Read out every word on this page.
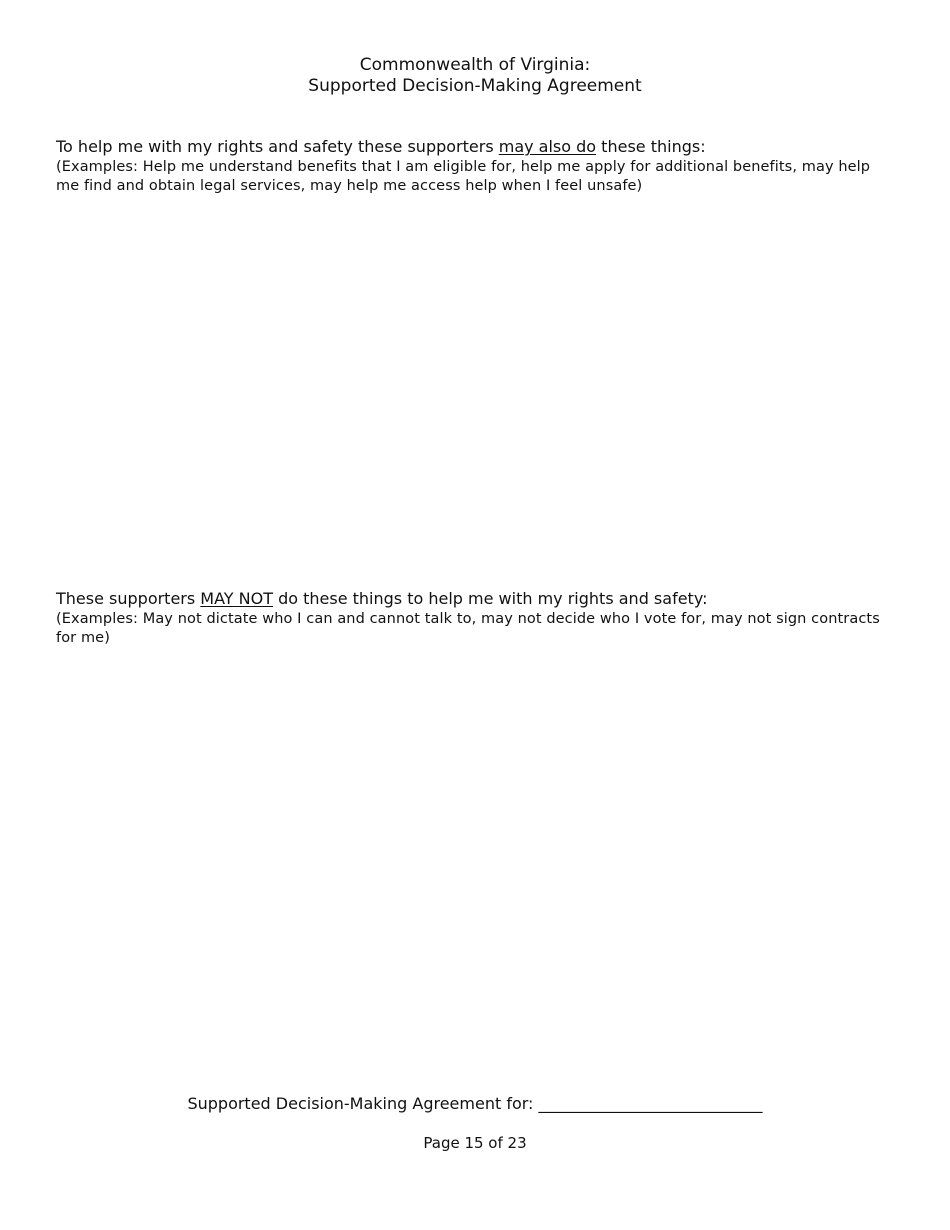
Commonwealth of Virginia:
Supported Decision-Making Agreement

To help me with my rights and safety these supporters may also do these things:

(Examples: Help me understand benefits that I am eligible for, help me apply for additional benefits, may help me find and obtain legal services, may help me access help when I feel unsafe)

These supporters MAY NOT do these things to help me with my rights and safety:

(Examples: May not dictate who I can and cannot talk to, may not decide who I vote for, may not sign contracts for me)

Supported Decision-Making Agreement for: ____________________________
Page 15 of 23
